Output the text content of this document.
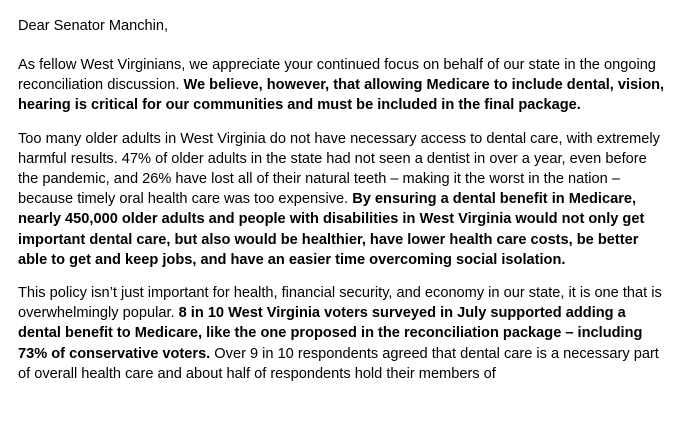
Dear Senator Manchin,
As fellow West Virginians, we appreciate your continued focus on behalf of our state in the ongoing reconciliation discussion. We believe, however, that allowing Medicare to include dental, vision, hearing is critical for our communities and must be included in the final package.
Too many older adults in West Virginia do not have necessary access to dental care, with extremely harmful results. 47% of older adults in the state had not seen a dentist in over a year, even before the pandemic, and 26% have lost all of their natural teeth – making it the worst in the nation – because timely oral health care was too expensive. By ensuring a dental benefit in Medicare, nearly 450,000 older adults and people with disabilities in West Virginia would not only get important dental care, but also would be healthier, have lower health care costs, be better able to get and keep jobs, and have an easier time overcoming social isolation.
This policy isn’t just important for health, financial security, and economy in our state, it is one that is overwhelmingly popular. 8 in 10 West Virginia voters surveyed in July supported adding a dental benefit to Medicare, like the one proposed in the reconciliation package – including 73% of conservative voters. Over 9 in 10 respondents agreed that dental care is a necessary part of overall health care and about half of respondents hold their members of
